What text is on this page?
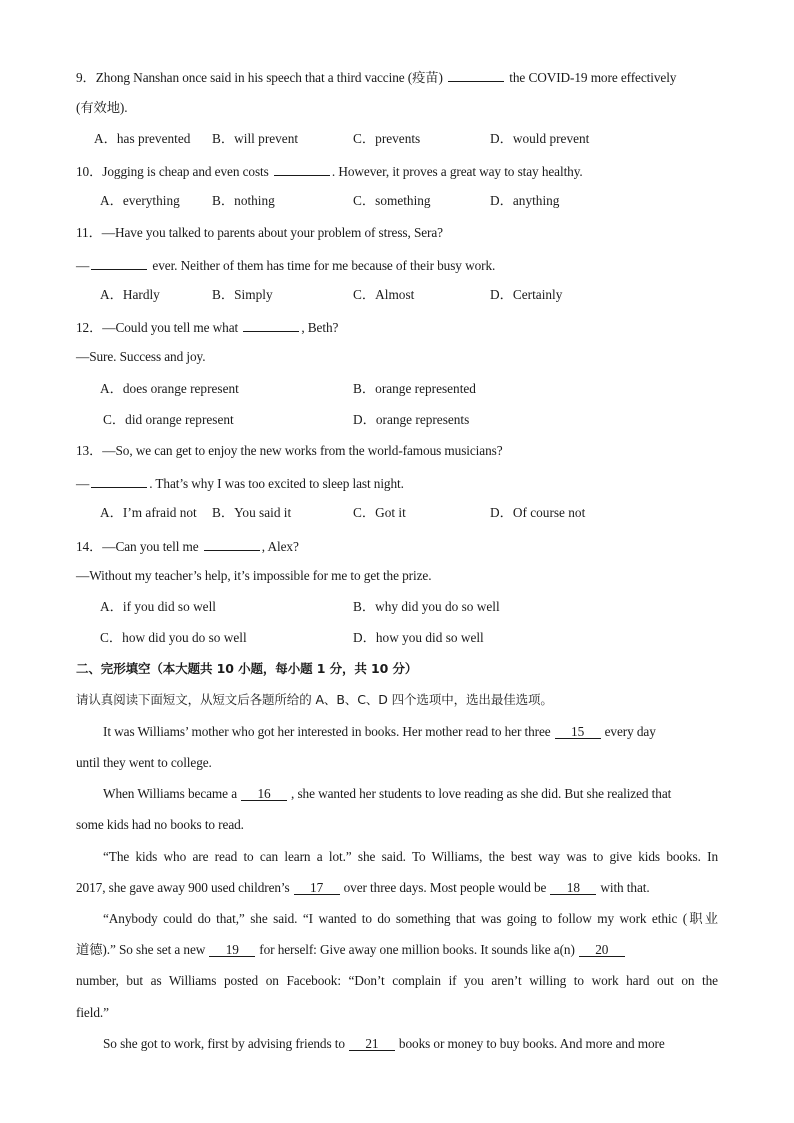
9．Zhong Nanshan once said in his speech that a third vaccine (疫苗)	the COVID-19 more effectively
(有效地).
A．has prevented B．will prevent	C．prevents	D．would prevent
10．Jogging is cheap and even costs	. However, it proves a great way to stay healthy.
A．everything B．nothing	C．something	D．anything
11．—Have you talked to parents about your problem of stress, Sera?
—	ever. Neither of them has time for me because of their busy work.
A．Hardly	B．Simply	C．Almost	D．Certainly
12．—Could you tell me what	, Beth?
—Sure. Success and joy.
A．does orange represent	B．orange represented
C．did orange represent	D．orange represents
13．—So, we can get to enjoy the new works from the world-famous musicians?
—	. That’s why I was too excited to sleep last night.
A．I’m afraid not B．You said it	C．Got it	D．Of course not
14．—Can you tell me	, Alex?
—Without my teacher’s help, it’s impossible for me to get the prize.
A．if you did so well	B．why did you do so well
C．how did you do so well	D．how you did so well
二、完形填空（本大题共 10 小题，每小题 1 分，共 10 分）
请认真阅读下面短文，从短文后各题所给的 A、B、C、D 四个选项中，选出最佳选项。
It was Williams’ mother who got her interested in books. Her mother read to her three 15 every day
until they went to college.
When Williams became a 16 , she wanted her students to love reading as she did. But she realized that
some kids had no books to read.
“The kids who are read to can learn a lot.” she said. To Williams, the best way was to give kids books. In
2017, she gave away 900 used children’s 17 over three days. Most people would be 18 with that.
“Anybody could do that,” she said. “I wanted to do something that was going to follow my work ethic (职业
道德).” So she set a new 19 for herself: Give away one million books. It sounds like a(n) 20
number, but as Williams posted on Facebook: “Don’t complain if you aren’t willing to work hard out on the
field.”
So she got to work, first by advising friends to 21 books or money to buy books. And more and more
